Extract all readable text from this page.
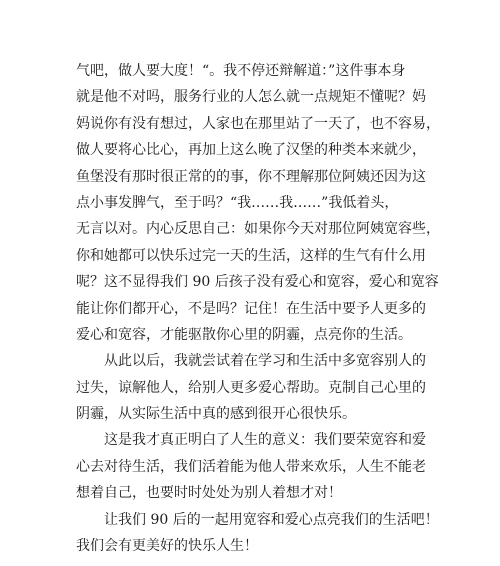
气吧，做人要大度！“。我不停还辩解道：”这件事本身
就是他不对吗，服务行业的人怎么就一点规矩不懂呢？妈
妈说你有没有想过，人家也在那里站了一天了，也不容易，
做人要将心比心，再加上这么晚了汉堡的种类本来就少，
鱼堡没有那时很正常的的事，你不理解那位阿姨还因为这
点小事发脾气，至于吗？“我……我……”我低着头，
无言以对。内心反思自己：如果你今天对那位阿姨宽容些，
你和她都可以快乐过完一天的生活，这样的生气有什么用
呢？这不显得我们 90 后孩子没有爱心和宽容，爱心和宽容
能让你们都开心，不是吗？记住！在生活中要予人更多的
爱心和宽容，才能驱散你心里的阴霾，点亮你的生活。
从此以后，我就尝试着在学习和生活中多宽容别人的
过失，谅解他人，给别人更多爱心帮助。克制自己心里的
阴霾，从实际生活中真的感到很开心很快乐。
这是我才真正明白了人生的意义：我们要荣宽容和爱
心去对待生活，我们活着能为他人带来欢乐，人生不能老
想着自己，也要时时处处为别人着想才对！
让我们 90 后的一起用宽容和爱心点亮我们的生活吧！
我们会有更美好的快乐人生！
